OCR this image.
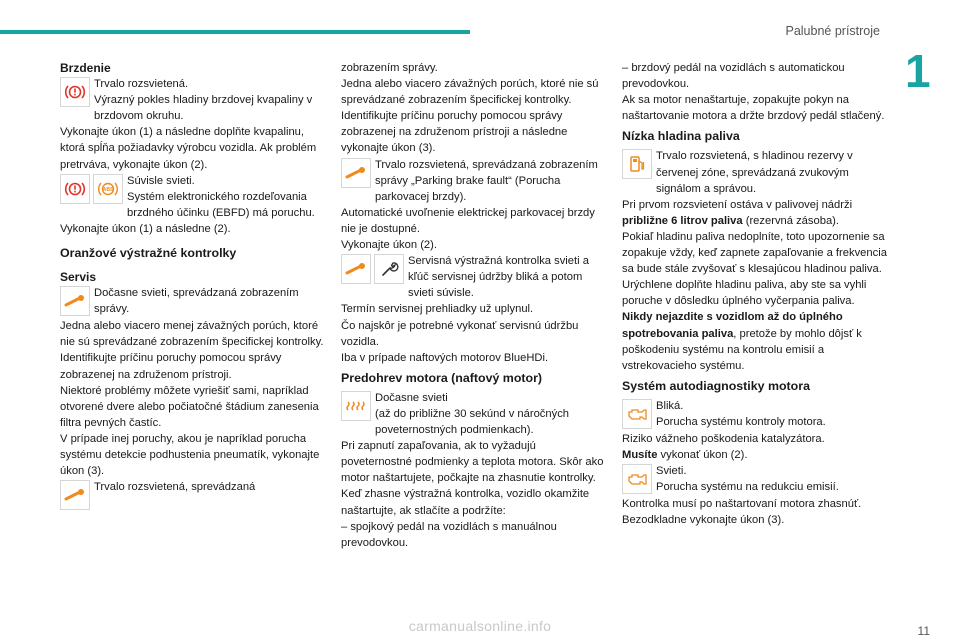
Palubné prístroje
1

Brzdenie

Trvalo rozsvietená.
Výrazný pokles hladiny brzdovej kvapaliny v brzdovom okruhu.

Vykonajte úkon (1) a následne doplňte kvapalinu, ktorá spĺňa požiadavky výrobcu vozidla. Ak problém pretrváva, vykonajte úkon (2).

ABS
Súvisle svieti.
Systém elektronického rozdeľovania brzdného účinku (EBFD) má poruchu.

Vykonajte úkon (1) a následne (2).

Oranžové výstražné kontrolky

Servis

Dočasne svieti, sprevádzaná zobrazením správy.

Jedna alebo viacero menej závažných porúch, ktoré nie sú sprevádzané zobrazením špecifickej kontrolky.

Identifikujte príčinu poruchy pomocou správy zobrazenej na združenom prístroji.

Niektoré problémy môžete vyriešiť sami, napríklad otvorené dvere alebo počiatočné štádium zanesenia filtra pevných častíc.

V prípade inej poruchy, akou je napríklad porucha systému detekcie podhustenia pneumatík, vykonajte úkon (3).

Trvalo rozsvietená, sprevádzaná

zobrazením správy.

Jedna alebo viacero závažných porúch, ktoré nie sú sprevádzané zobrazením špecifickej kontrolky.

Identifikujte príčinu poruchy pomocou správy zobrazenej na združenom prístroji a následne vykonajte úkon (3).

Trvalo rozsvietená, sprevádzaná zobrazením správy „Parking brake fault“ (Porucha parkovacej brzdy).

Automatické uvoľnenie elektrickej parkovacej brzdy nie je dostupné.

Vykonajte úkon (2).

Servisná výstražná kontrolka svieti a kľúč servisnej údržby bliká a potom svieti súvisle.

Termín servisnej prehliadky už uplynul.

Čo najskôr je potrebné vykonať servisnú údržbu vozidla.

Iba v prípade naftových motorov BlueHDi.

Predohrev motora (naftový motor)

Dočasne svieti
(až do približne 30 sekúnd v náročných poveternostných podmienkach).

Pri zapnutí zapaľovania, ak to vyžadujú poveternostné podmienky a teplota motora. Skôr ako motor naštartujete, počkajte na zhasnutie kontrolky.

Keď zhasne výstražná kontrolka, vozidlo okamžite naštartujte, ak stlačíte a podržíte:

– spojkový pedál na vozidlách s manuálnou prevodovkou.

– brzdový pedál na vozidlách s automatickou prevodovkou.

Ak sa motor nenaštartuje, zopakujte pokyn na naštartovanie motora a držte brzdový pedál stlačený.

Nízka hladina paliva

Trvalo rozsvietená, s hladinou rezervy v červenej zóne, sprevádzaná zvukovým signálom a správou.

Pri prvom rozsvietení ostáva v palivovej nádrži približne 6 litrov paliva (rezervná zásoba).

Pokiaľ hladinu paliva nedoplníte, toto upozornenie sa zopakuje vždy, keď zapnete zapaľovanie a frekvencia sa bude stále zvyšovať s klesajúcou hladinou paliva.

Urýchlene doplňte hladinu paliva, aby ste sa vyhli poruche v dôsledku úplného vyčerpania paliva.

Nikdy nejazdite s vozidlom až do úplného spotrebovania paliva, pretože by mohlo dôjsť k poškodeniu systému na kontrolu emisií a vstrekovacieho systému.

Systém autodiagnostiky motora

Bliká.
Porucha systému kontroly motora.

Riziko vážneho poškodenia katalyzátora.

Musíte vykonať úkon (2).

Svieti.
Porucha systému na redukciu emisií.

Kontrolka musí po naštartovaní motora zhasnúť.

Bezodkladne vykonajte úkon (3).

carmanualsonline.info	11
